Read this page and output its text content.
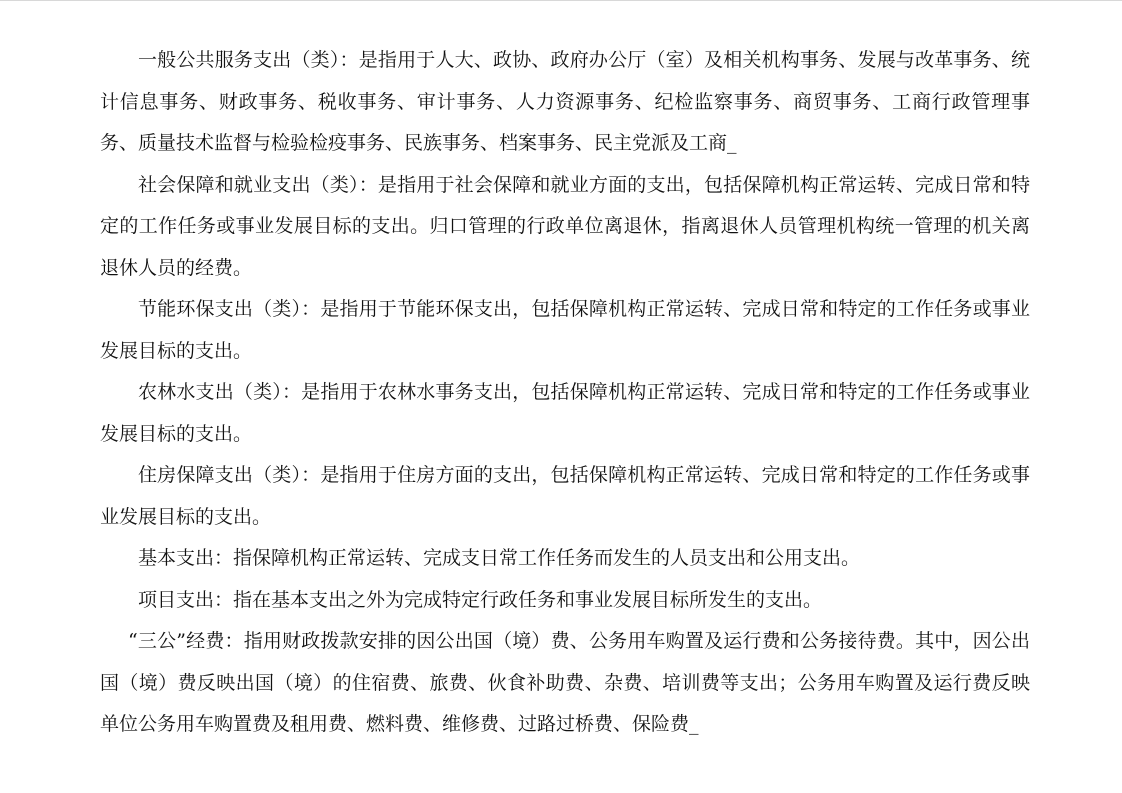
一般公共服务支出（类）：是指用于人大、政协、政府办公厅（室）及相关机构事务、发展与改革事务、统计信息事务、财政事务、税收事务、审计事务、人力资源事务、纪检监察事务、商贸事务、工商行政管理事务、质量技术监督与检验检疫事务、民族事务、档案事务、民主党派及工商_

社会保障和就业支出（类）：是指用于社会保障和就业方面的支出，包括保障机构正常运转、完成日常和特定的工作任务或事业发展目标的支出。归口管理的行政单位离退休，指离退休人员管理机构统一管理的机关离退休人员的经费。

节能环保支出（类）：是指用于节能环保支出，包括保障机构正常运转、完成日常和特定的工作任务或事业发展目标的支出。

农林水支出（类）：是指用于农林水事务支出，包括保障机构正常运转、完成日常和特定的工作任务或事业发展目标的支出。

住房保障支出（类）：是指用于住房方面的支出，包括保障机构正常运转、完成日常和特定的工作任务或事业发展目标的支出。

基本支出：指保障机构正常运转、完成支日常工作任务而发生的人员支出和公用支出。

项目支出：指在基本支出之外为完成特定行政任务和事业发展目标所发生的支出。

“三公”经费：指用财政拨款安排的因公出国（境）费、公务用车购置及运行费和公务接待费。其中，因公出国（境）费反映出国（境）的住宿费、旅费、伙食补助费、杂费、培训费等支出；公务用车购置及运行费反映单位公务用车购置费及租用费、燃料费、维修费、过路过桥费、保险费_
